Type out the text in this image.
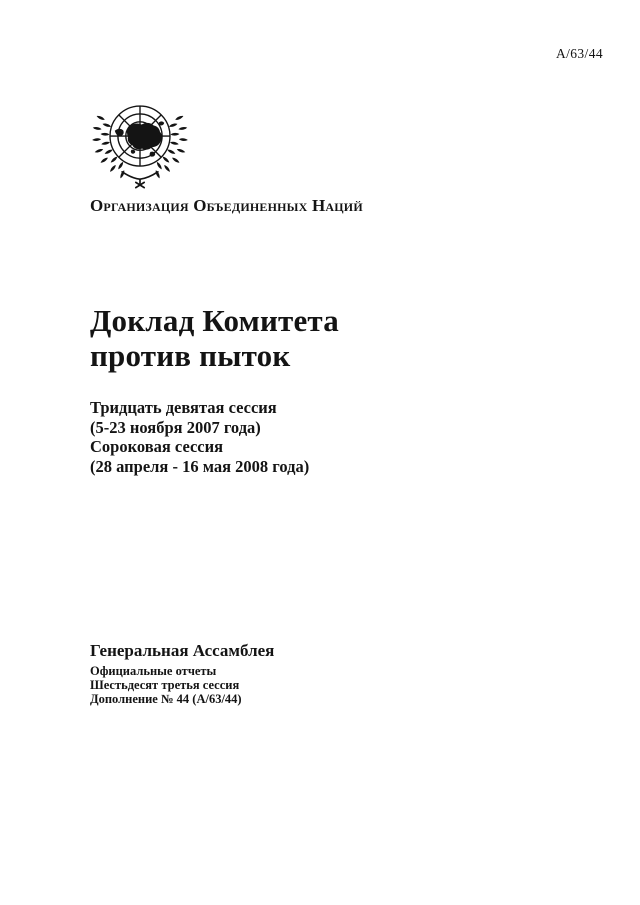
A/63/44
Организация Объединенных Наций
Доклад Комитета
против пыток
Тридцать девятая сессия
(5-23 ноября 2007 года)
Сороковая сессия
(28 апреля - 16 мая 2008 года)
Генеральная Ассамблея
Официальные отчеты
Шестьдесят третья сессия
Дополнение № 44 (A/63/44)
